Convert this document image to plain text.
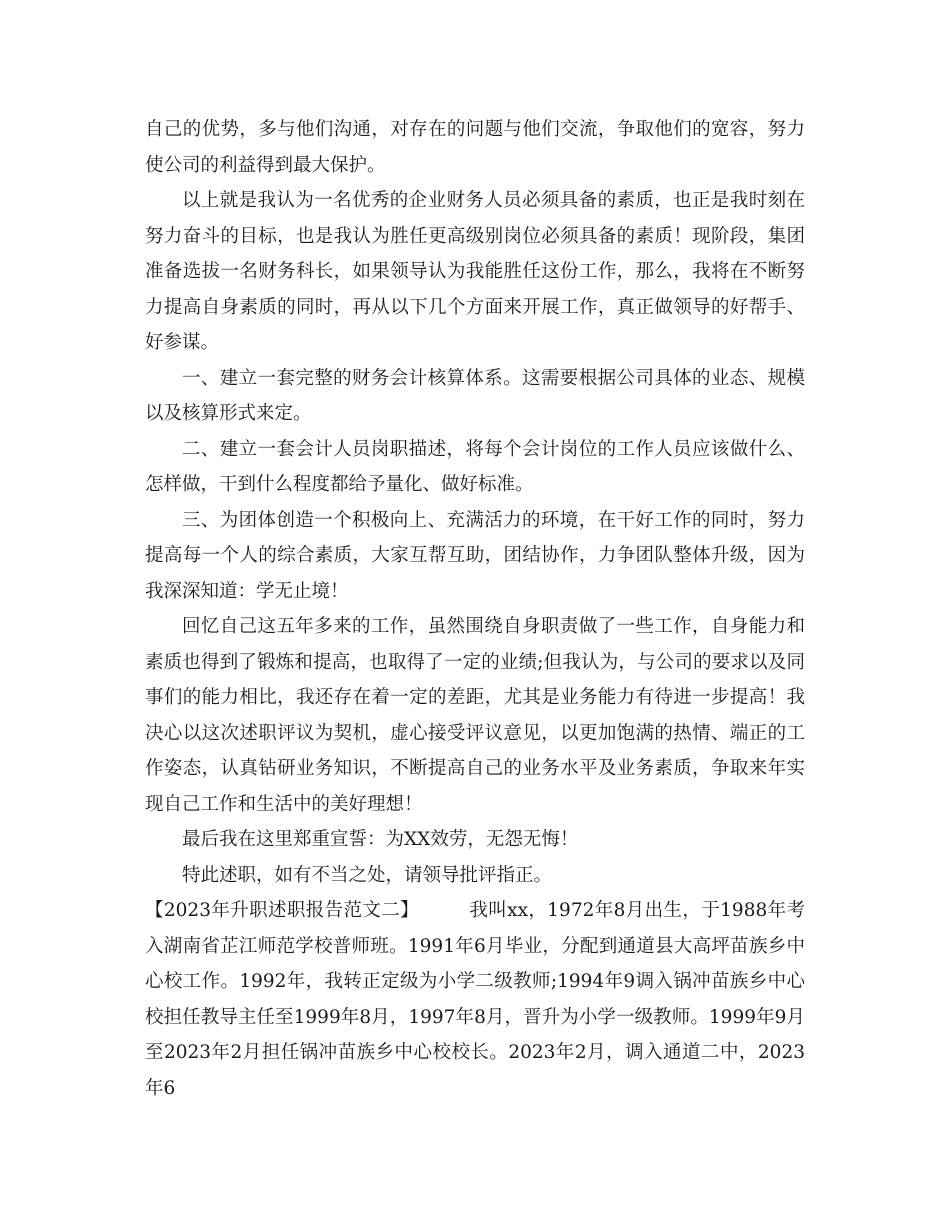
自己的优势，多与他们沟通，对存在的问题与他们交流，争取他们的宽容，努力使公司的利益得到最大保护。

以上就是我认为一名优秀的企业财务人员必须具备的素质，也正是我时刻在努力奋斗的目标，也是我认为胜任更高级别岗位必须具备的素质！现阶段，集团准备选拔一名财务科长，如果领导认为我能胜任这份工作，那么，我将在不断努力提高自身素质的同时，再从以下几个方面来开展工作，真正做领导的好帮手、好参谋。

一、建立一套完整的财务会计核算体系。这需要根据公司具体的业态、规模以及核算形式来定。

二、建立一套会计人员岗职描述，将每个会计岗位的工作人员应该做什么、怎样做，干到什么程度都给予量化、做好标准。

三、为团体创造一个积极向上、充满活力的环境，在干好工作的同时，努力提高每一个人的综合素质，大家互帮互助，团结协作，力争团队整体升级，因为我深深知道：学无止境！

回忆自己这五年多来的工作，虽然围绕自身职责做了一些工作，自身能力和素质也得到了锻炼和提高，也取得了一定的业绩;但我认为，与公司的要求以及同事们的能力相比，我还存在着一定的差距，尤其是业务能力有待进一步提高！我决心以这次述职评议为契机，虚心接受评议意见，以更加饱满的热情、端正的工作姿态，认真钻研业务知识，不断提高自己的业务水平及业务素质，争取来年实现自己工作和生活中的美好理想！

最后我在这里郑重宣誓：为XX效劳，无怨无悔！

特此述职，如有不当之处，请领导批评指正。

【2023年升职述职报告范文二】	我叫xx，1972年8月出生，于1988年考入湖南省芷江师范学校普师班。1991年6月毕业，分配到通道县大高坪苗族乡中心校工作。1992年，我转正定级为小学二级教师;1994年9调入锅冲苗族乡中心校担任教导主任至1999年8月，1997年8月，晋升为小学一级教师。1999年9月至2023年2月担任锅冲苗族乡中心校校长。2023年2月，调入通道二中，2023年6
